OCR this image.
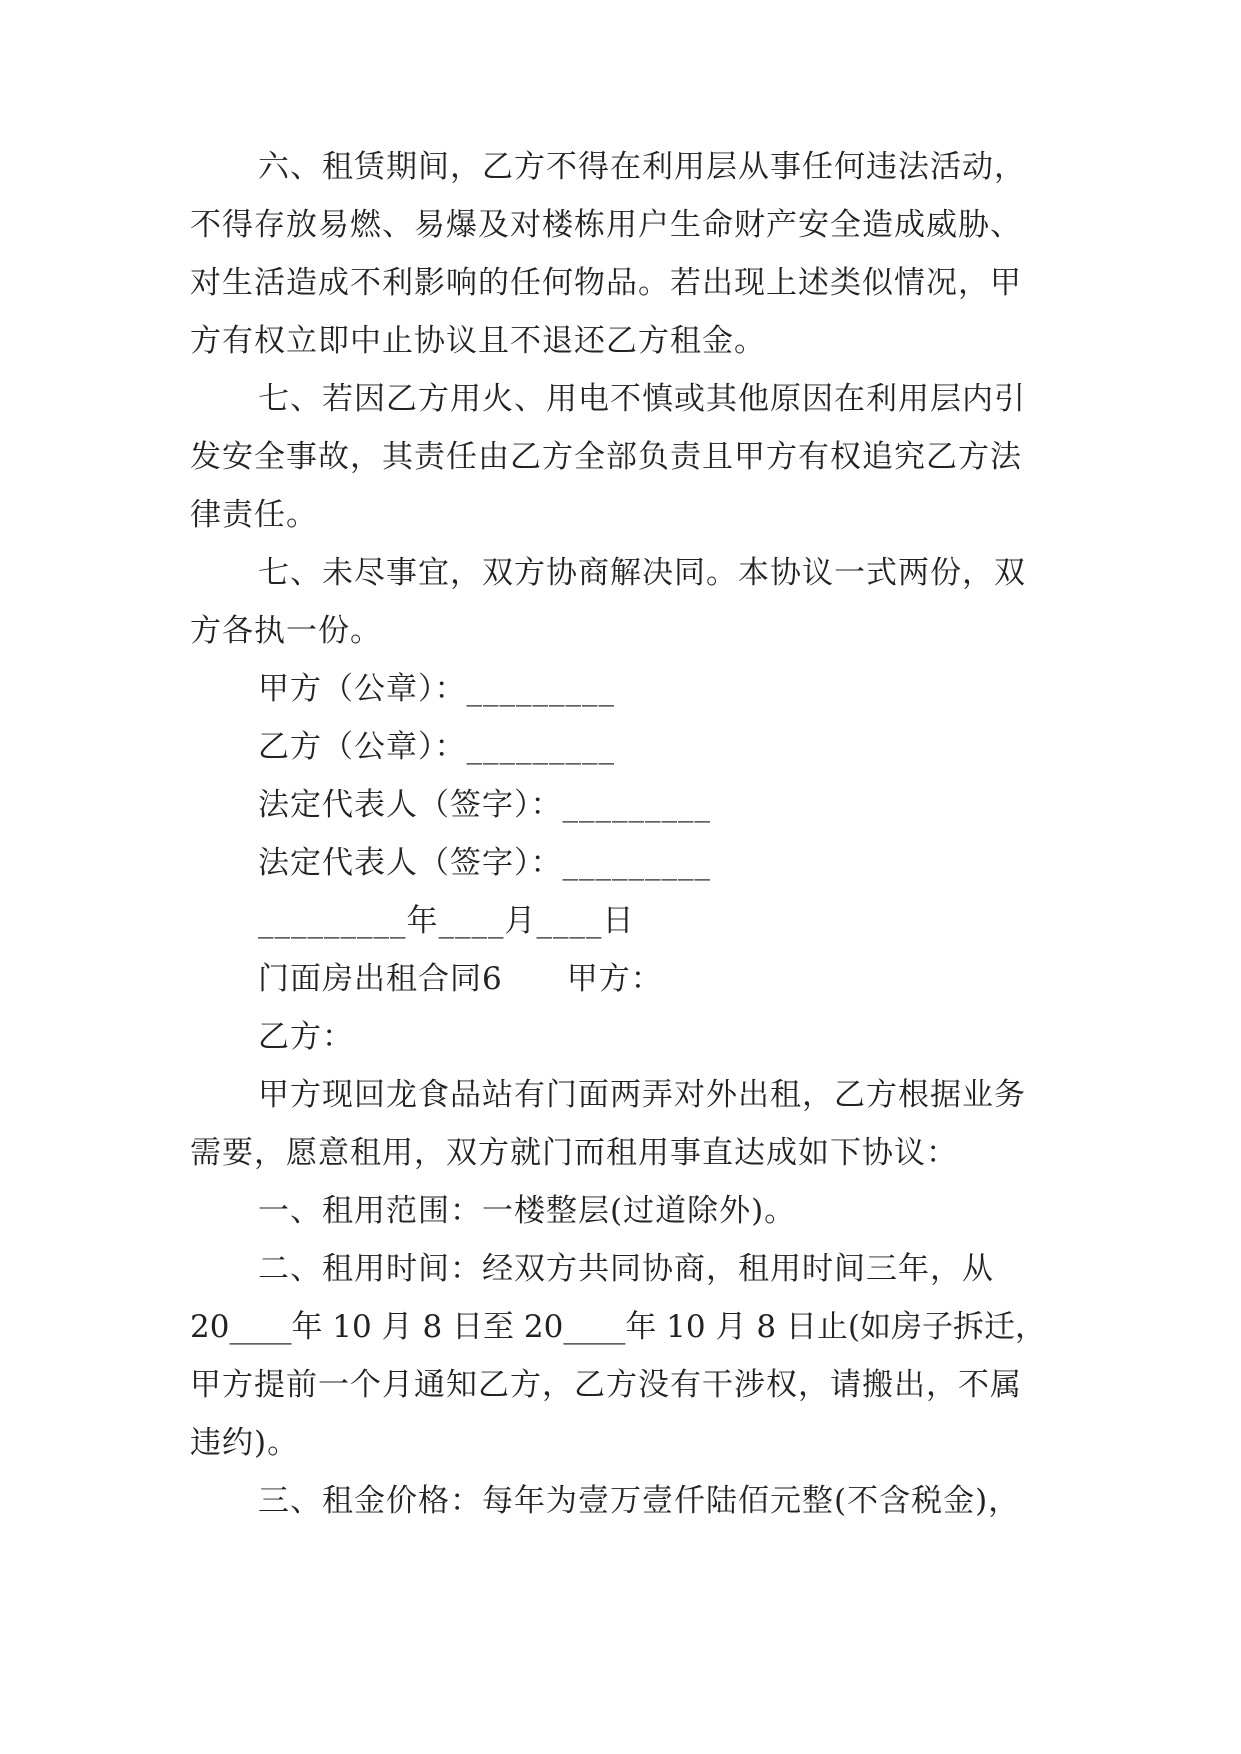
六、租赁期间，乙方不得在利用层从事任何违法活动，
不得存放易燃、易爆及对楼栋用户生命财产安全造成威胁、
对生活造成不利影响的任何物品。若出现上述类似情况，甲
方有权立即中止协议且不退还乙方租金。
七、若因乙方用火、用电不慎或其他原因在利用层内引
发安全事故，其责任由乙方全部负责且甲方有权追究乙方法
律责任。
七、未尽事宜，双方协商解决同。本协议一式两份，双
方各执一份。
甲方（公章）：_________
乙方（公章）：_________
法定代表人（签字）：_________
法定代表人（签字）：_________
_________年____月____日
门面房出租合同6　　甲方：
乙方：
甲方现回龙食品站有门面两弄对外出租，乙方根据业务
需要，愿意租用，双方就门而租用事直达成如下协议：
一、租用范围：一楼整层(过道除外)。
二、租用时间：经双方共同协商，租用时间三年，从
20____年 10 月 8 日至 20____年 10 月 8 日止(如房子拆迁，
甲方提前一个月通知乙方，乙方没有干涉权，请搬出，不属
违约)。
三、租金价格：每年为壹万壹仟陆佰元整(不含税金)，
